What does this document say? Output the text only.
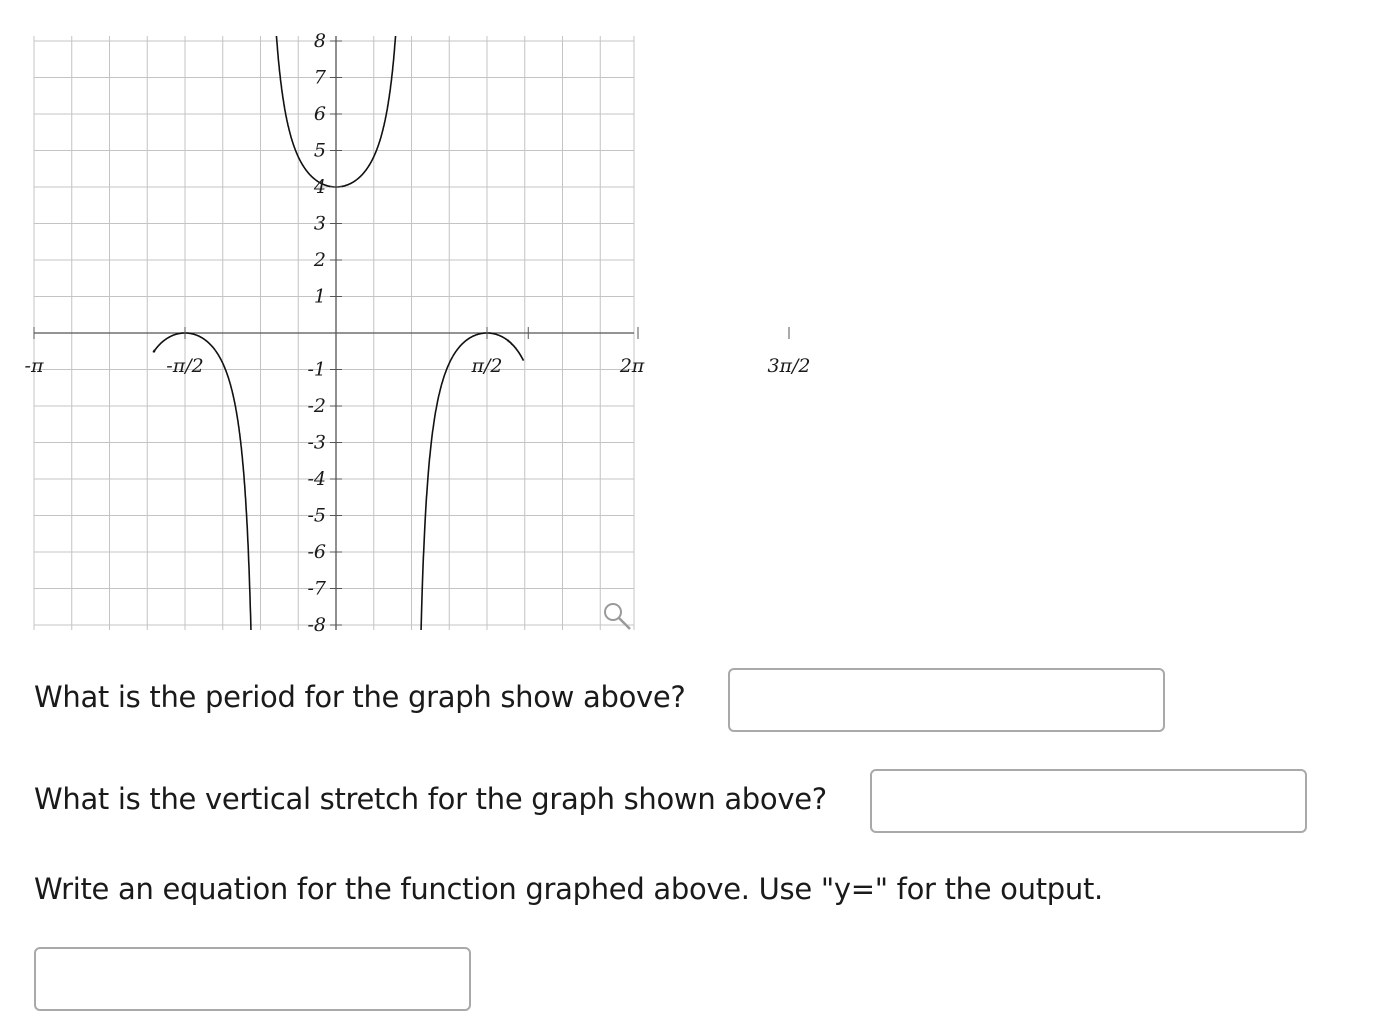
8
7
6
5
4
3
2
1
-1
-2
-3
-4
-5
-6
-7
-8
-π	-π/2	π/2	π	3π/2
2
What is the period for the graph show above?
What is the vertical stretch for the graph shown above?
Write an equation for the function graphed above. Use "y=" for the output.
